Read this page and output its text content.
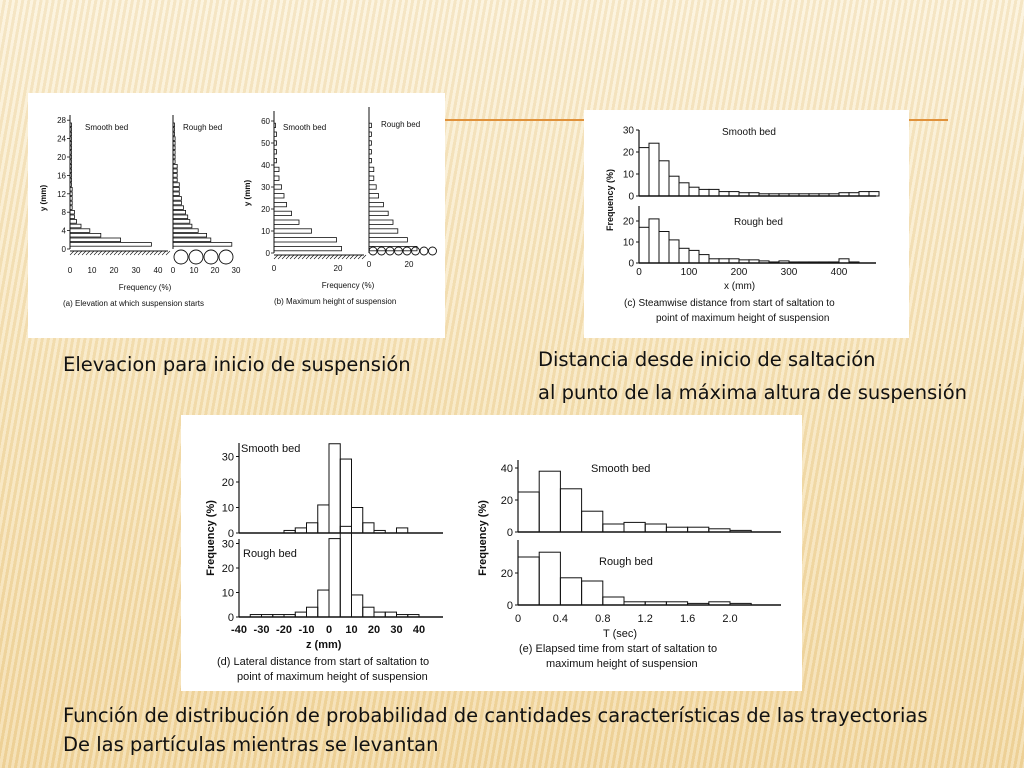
y (mm)
0
4
8
12
16
20
24
28
Smooth bed	Rough bed
0 10 20 30 40 0 10 20 30
Frequency (%)
(a) Elevation at which suspension starts
y (mm)
0
10
20
30
40
50
60
Smooth bed	Rough bed
0	20	0	20
Frequency (%)
(b) Maximum height of suspension
Frequency (%) 0
10
20
30
0
10
20
Smooth bed
Rough bed
0	100	200	300	400
x (mm)
(c) Steamwise distance from start of saltation to
point of maximum height of suspension

Elevacion para inicio de suspensión	Distancia desde inicio de saltación

al punto de la máxima altura de suspensión

Frequency (%) 0
10
20
30
0
10
20
30
Smooth bed
Rough bed
-40 -30 -20 -10 0 10 20 30 40
z (mm)
(d) Lateral distance from start of saltation to
point of maximum height of suspension
Frequency (%) 0
20
40
0
20
Smooth bed
Rough bed
0	0.4 0.8 1.2 1.6 2.0
T (sec)
(e) Elapsed time from start of saltation to
maximum height of suspension

Función de distribución de probabilidad de cantidades características de las trayectorias

De las partículas mientras se levantan
